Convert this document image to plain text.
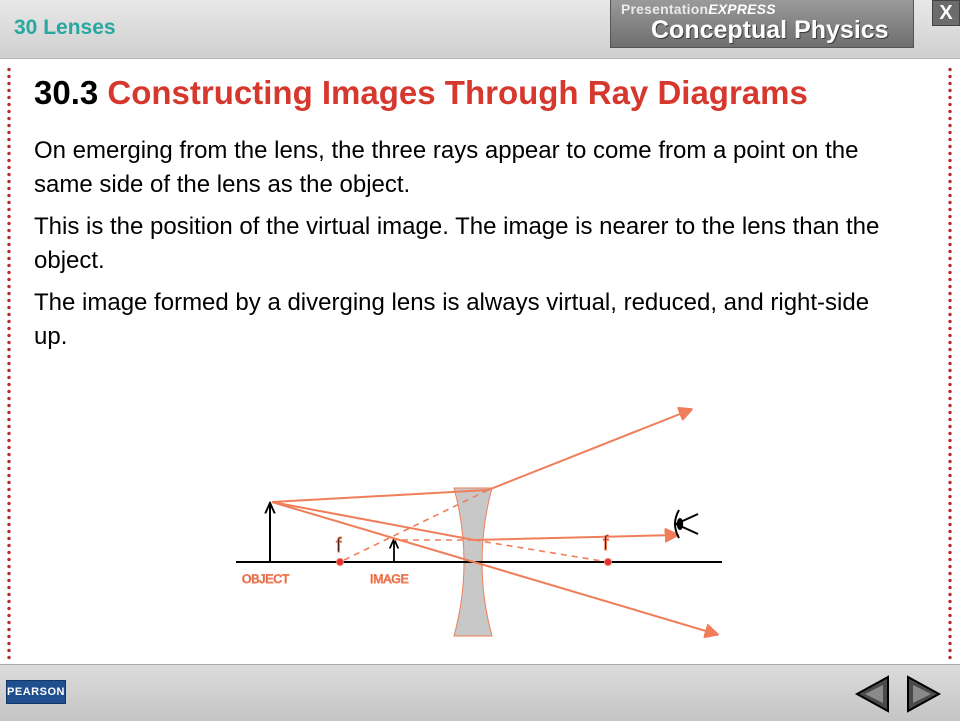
30 Lenses
PresentationEXPRESS
Conceptual Physics
X
30.3 Constructing Images Through Ray Diagrams

On emerging from the lens, the three rays appear to come from a point on the same side of the lens as the object.

This is the position of the virtual image. The image is nearer to the lens than the object.

The image formed by a diverging lens is always virtual, reduced, and right-side up.

f	f
OBJECT	IMAGE
PEARSON
